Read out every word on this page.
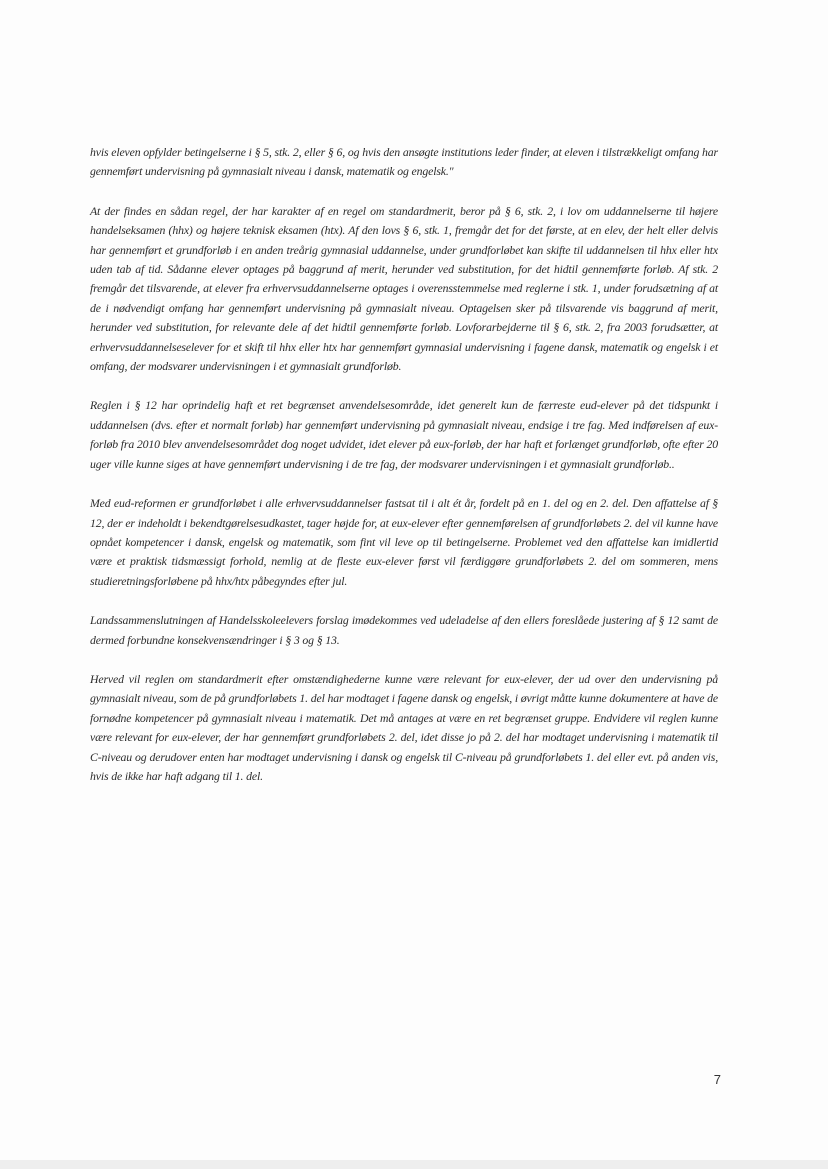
hvis eleven opfylder betingelserne i § 5, stk. 2, eller § 6, og hvis den ansøgte institutions leder finder, at eleven i tilstrækkeligt omfang har gennemført undervisning på gymnasialt niveau i dansk, matematik og engelsk."

At der findes en sådan regel, der har karakter af en regel om standardmerit, beror på § 6, stk. 2, i lov om uddannelserne til højere handelseksamen (hhx) og højere teknisk eksamen (htx). Af den lovs § 6, stk. 1, fremgår det for det første, at en elev, der helt eller delvis har gennemført et grundforløb i en anden treårig gymnasial uddannelse, under grundforløbet kan skifte til uddannelsen til hhx eller htx uden tab af tid. Sådanne elever optages på baggrund af merit, herunder ved substitution, for det hidtil gennemførte forløb. Af stk. 2 fremgår det tilsvarende, at elever fra erhvervsuddannelserne optages i overensstemmelse med reglerne i stk. 1, under forudsætning af at de i nødvendigt omfang har gennemført undervisning på gymnasialt niveau. Optagelsen sker på tilsvarende vis baggrund af merit, herunder ved substitution, for relevante dele af det hidtil gennemførte forløb. Lovforarbejderne til § 6, stk. 2, fra 2003 forudsætter, at erhvervsuddannelseselever for et skift til hhx eller htx har gennemført gymnasial undervisning i fagene dansk, matematik og engelsk i et omfang, der modsvarer undervisningen i et gymnasialt grundforløb.

Reglen i § 12 har oprindelig haft et ret begrænset anvendelsesområde, idet generelt kun de færreste eud-elever på det tidspunkt i uddannelsen (dvs. efter et normalt forløb) har gennemført undervisning på gymnasialt niveau, endsige i tre fag. Med indførelsen af eux-forløb fra 2010 blev anvendelsesområdet dog noget udvidet, idet elever på eux-forløb, der har haft et forlænget grundforløb, ofte efter 20 uger ville kunne siges at have gennemført undervisning i de tre fag, der modsvarer undervisningen i et gymnasialt grundforløb..

Med eud-reformen er grundforløbet i alle erhvervsuddannelser fastsat til i alt ét år, fordelt på en 1. del og en 2. del. Den affattelse af § 12, der er indeholdt i bekendtgørelsesudkastet, tager højde for, at eux-elever efter gennemførelsen af grundforløbets 2. del vil kunne have opnået kompetencer i dansk, engelsk og matematik, som fint vil leve op til betingelserne. Problemet ved den affattelse kan imidlertid være et praktisk tidsmæssigt forhold, nemlig at de fleste eux-elever først vil færdiggøre grundforløbets 2. del om sommeren, mens studieretningsforløbene på hhx/htx påbegyndes efter jul.

Landssammenslutningen af Handelsskoleelevers forslag imødekommes ved udeladelse af den ellers foreslåede justering af § 12 samt de dermed forbundne konsekvensændringer i § 3 og § 13.

Herved vil reglen om standardmerit efter omstændighederne kunne være relevant for eux-elever, der ud over den undervisning på gymnasialt niveau, som de på grundforløbets 1. del har modtaget i fagene dansk og engelsk, i øvrigt måtte kunne dokumentere at have de fornødne kompetencer på gymnasialt niveau i matematik. Det må antages at være en ret begrænset gruppe. Endvidere vil reglen kunne være relevant for eux-elever, der har gennemført grundforløbets 2. del, idet disse jo på 2. del har modtaget undervisning i matematik til C-niveau og derudover enten har modtaget undervisning i dansk og engelsk til C-niveau på grundforløbets 1. del eller evt. på anden vis, hvis de ikke har haft adgang til 1. del.

7
